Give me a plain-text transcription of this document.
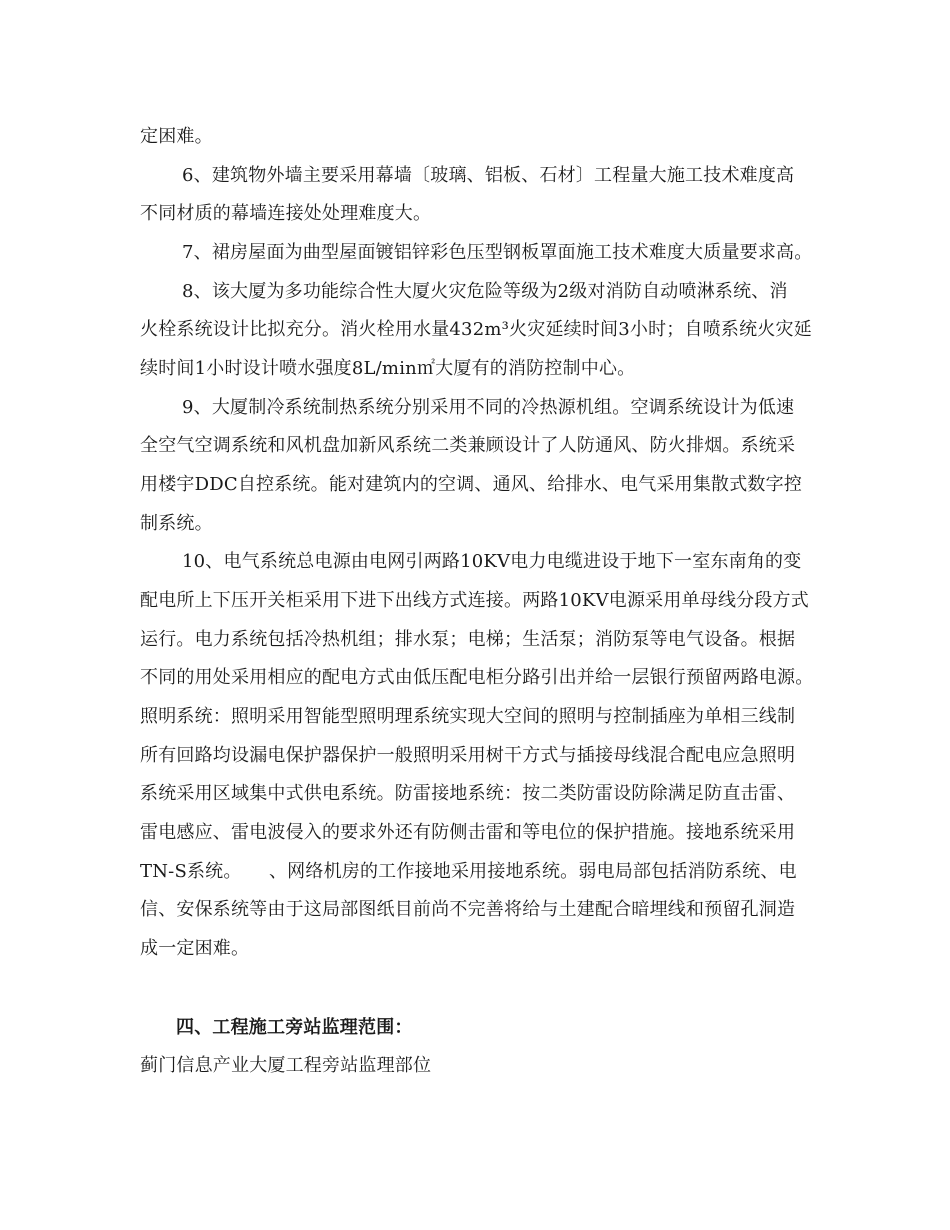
定困难。
6、建筑物外墙主要采用幕墙〔玻璃、铝板、石材〕工程量大施工技术难度高
不同材质的幕墙连接处处理难度大。
7、裙房屋面为曲型屋面镀铝锌彩色压型钢板罩面施工技术难度大质量要求高。
8、该大厦为多功能综合性大厦火灾危险等级为2级对消防自动喷淋系统、消
火栓系统设计比拟充分。消火栓用水量432m³火灾延续时间3小时；自喷系统火灾延
续时间1小时设计喷水强度8L/min㎡大厦有的消防控制中心。
9、大厦制冷系统制热系统分别采用不同的冷热源机组。空调系统设计为低速
全空气空调系统和风机盘加新风系统二类兼顾设计了人防通风、防火排烟。系统采
用楼宇DDC自控系统。能对建筑内的空调、通风、给排水、电气采用集散式数字控
制系统。
10、电气系统总电源由电网引两路10KV电力电缆进设于地下一室东南角的变
配电所上下压开关柜采用下进下出线方式连接。两路10KV电源采用单母线分段方式
运行。电力系统包括冷热机组；排水泵；电梯；生活泵；消防泵等电气设备。根据
不同的用处采用相应的配电方式由低压配电柜分路引出并给一层银行预留两路电源。
照明系统：照明采用智能型照明理系统实现大空间的照明与控制插座为单相三线制
所有回路均设漏电保护器保护一般照明采用树干方式与插接母线混合配电应急照明
系统采用区域集中式供电系统。防雷接地系统：按二类防雷设防除满足防直击雷、
雷电感应、雷电波侵入的要求外还有防侧击雷和等电位的保护措施。接地系统采用
TN-S系统。　　、网络机房的工作接地采用接地系统。弱电局部包括消防系统、电
信、安保系统等由于这局部图纸目前尚不完善将给与土建配合暗埋线和预留孔洞造
成一定困难。
四、工程施工旁站监理范围：
蓟门信息产业大厦工程旁站监理部位
